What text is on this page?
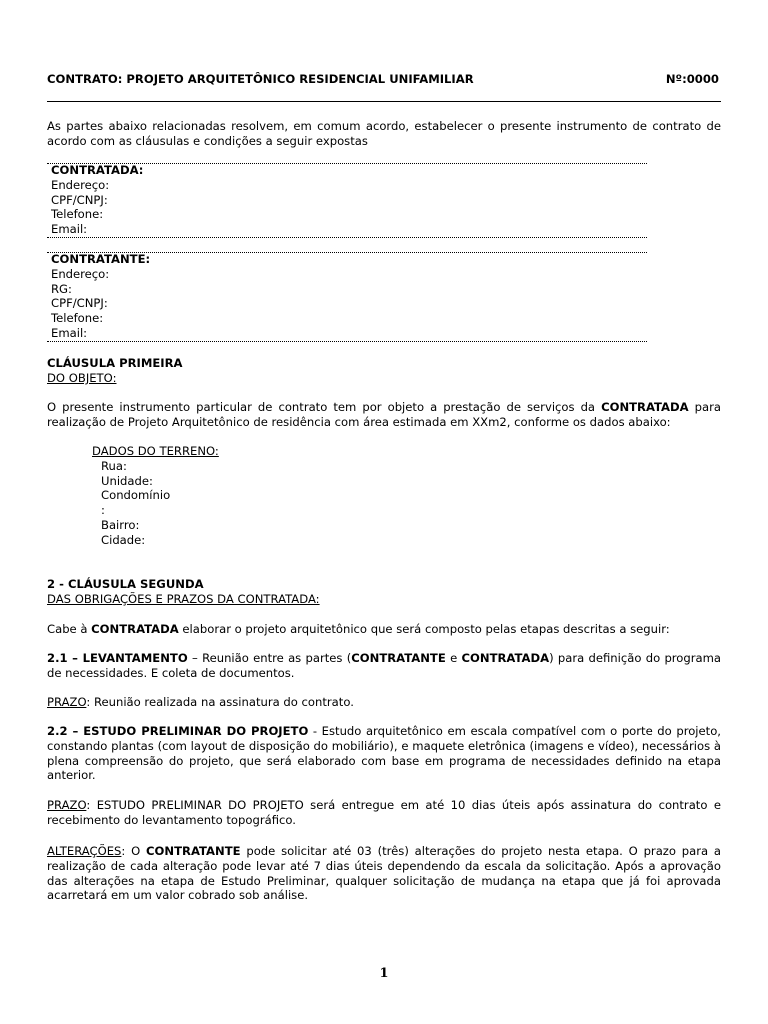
CONTRATO: PROJETO ARQUITETÔNICO RESIDENCIAL UNIFAMILIAR	Nº:0000
As partes abaixo relacionadas resolvem, em comum acordo, estabelecer o presente instrumento de contrato de acordo com as cláusulas e condições a seguir expostas
CONTRATADA:
Endereço:
CPF/CNPJ:
Telefone:
Email:
CONTRATANTE:
Endereço:
RG:
CPF/CNPJ:
Telefone:
Email:
CLÁUSULA PRIMEIRA
DO OBJETO:
O presente instrumento particular de contrato tem por objeto a prestação de serviços da CONTRATADA para realização de Projeto Arquitetônico de residência com área estimada em XXm2, conforme os dados abaixo:
DADOS DO TERRENO:
Rua:
Unidade:
Condomínio
:
Bairro:
Cidade:
2 - CLÁUSULA SEGUNDA
DAS OBRIGAÇÕES E PRAZOS DA CONTRATADA:
Cabe à CONTRATADA elaborar o projeto arquitetônico que será composto pelas etapas descritas a seguir:
2.1 – LEVANTAMENTO – Reunião entre as partes (CONTRATANTE e CONTRATADA) para definição do programa de necessidades. E coleta de documentos.
PRAZO: Reunião realizada na assinatura do contrato.
2.2 – ESTUDO PRELIMINAR DO PROJETO - Estudo arquitetônico em escala compatível com o porte do projeto, constando plantas (com layout de disposição do mobiliário), e maquete eletrônica (imagens e vídeo), necessários à plena compreensão do projeto, que será elaborado com base em programa de necessidades definido na etapa anterior.
PRAZO: ESTUDO PRELIMINAR DO PROJETO será entregue em até 10 dias úteis após assinatura do contrato e recebimento do levantamento topográfico.
ALTERAÇÕES: O CONTRATANTE pode solicitar até 03 (três) alterações do projeto nesta etapa. O prazo para a realização de cada alteração pode levar até 7 dias úteis dependendo da escala da solicitação. Após a aprovação das alterações na etapa de Estudo Preliminar, qualquer solicitação de mudança na etapa que já foi aprovada acarretará em um valor cobrado sob análise.
1
